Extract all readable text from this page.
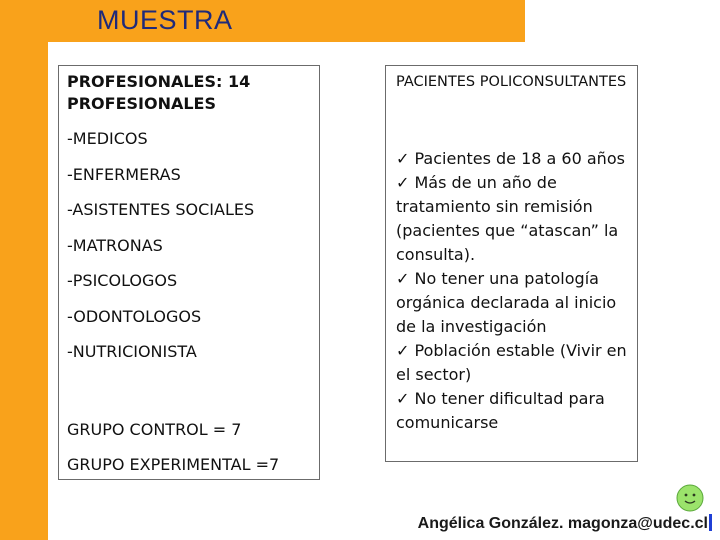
MUESTRA
PROFESIONALES: 14 PROFESIONALES
-MEDICOS
-ENFERMERAS
-ASISTENTES SOCIALES
-MATRONAS
-PSICOLOGOS
-ODONTOLOGOS
-NUTRICIONISTA
GRUPO CONTROL = 7
GRUPO EXPERIMENTAL =7
PACIENTES POLICONSULTANTES
✓ Pacientes de 18 a 60 años
✓ Más de un año de tratamiento sin remisión (pacientes que “atascan” la consulta).
✓ No tener una patología orgánica declarada al inicio de la investigación
✓ Población estable (Vivir en el sector)
✓ No tener dificultad para comunicarse

Angélica González. magonza@udec.cl
